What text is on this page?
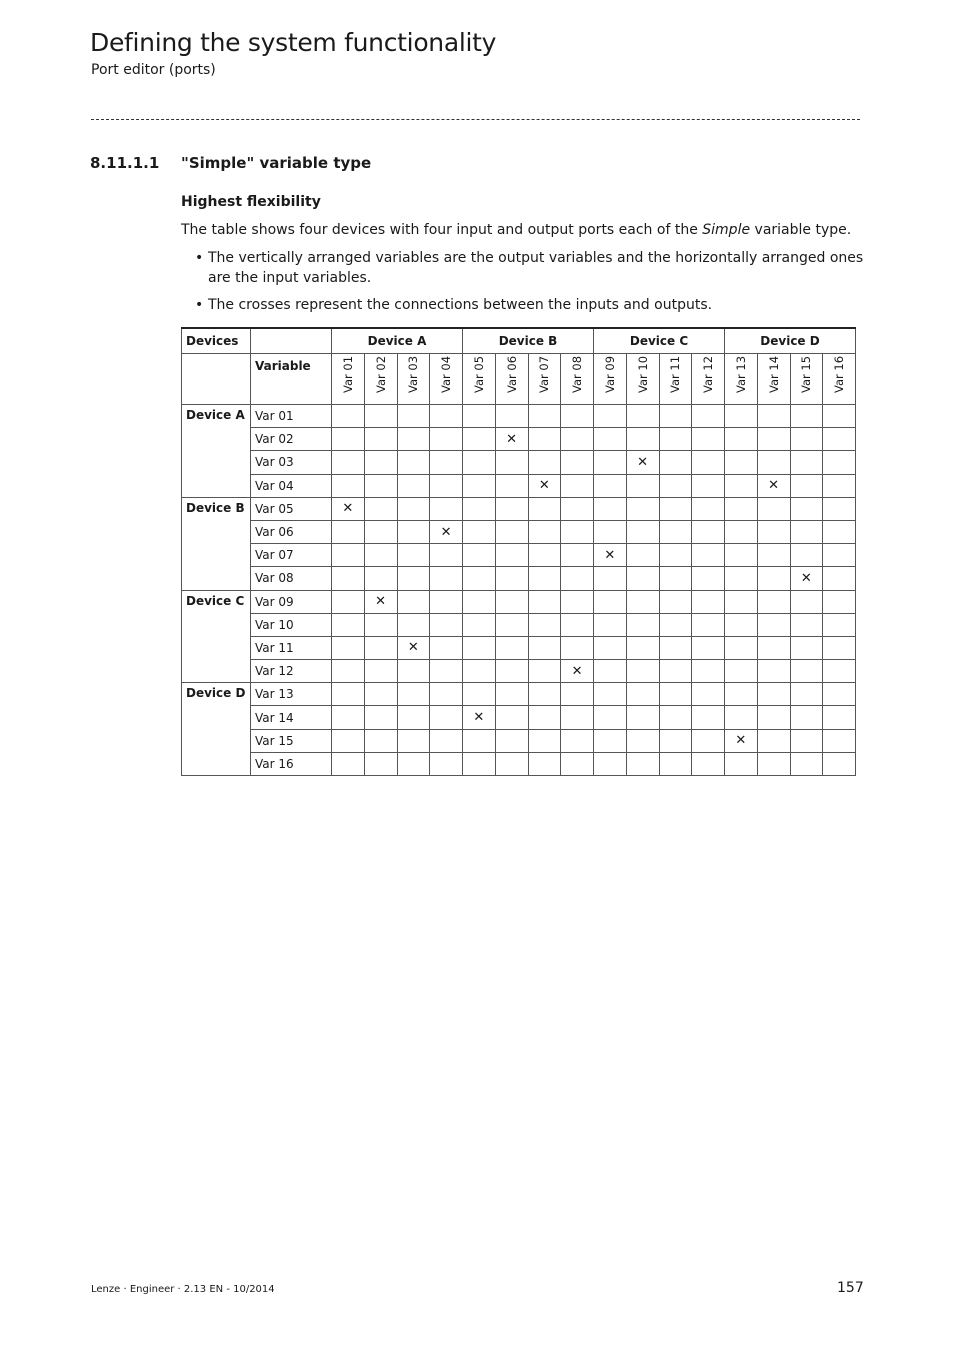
Defining the system functionality
Port editor (ports)
8.11.1.1 "Simple" variable type
Highest flexibility
The table shows four devices with four input and output ports each of the Simple variable type.
• The vertically arranged variables are the output variables and the horizontally arranged ones are the input variables.
• The crosses represent the connections between the inputs and outputs.
Devices		Device A				Device B				Device C				Device D			
	Variable	Var 01	Var 02	Var 03	Var 04	Var 05	Var 06	Var 07	Var 08	Var 09	Var 10	Var 11	Var 12	Var 13	Var 14	Var 15	Var 16

Device A	Var 01																
	Var 02						✕										
	Var 03										✕						
	Var 04							✕							✕		
Device B	Var 05	✕															
	Var 06				✕												
	Var 07									✕							
	Var 08															✕	
Device C	Var 09		✕														
	Var 10																
	Var 11			✕													
	Var 12								✕								
Device D	Var 13																
	Var 14					✕											
	Var 15													✕			
	Var 16																
Lenze · Engineer · 2.13 EN - 10/2014	157
